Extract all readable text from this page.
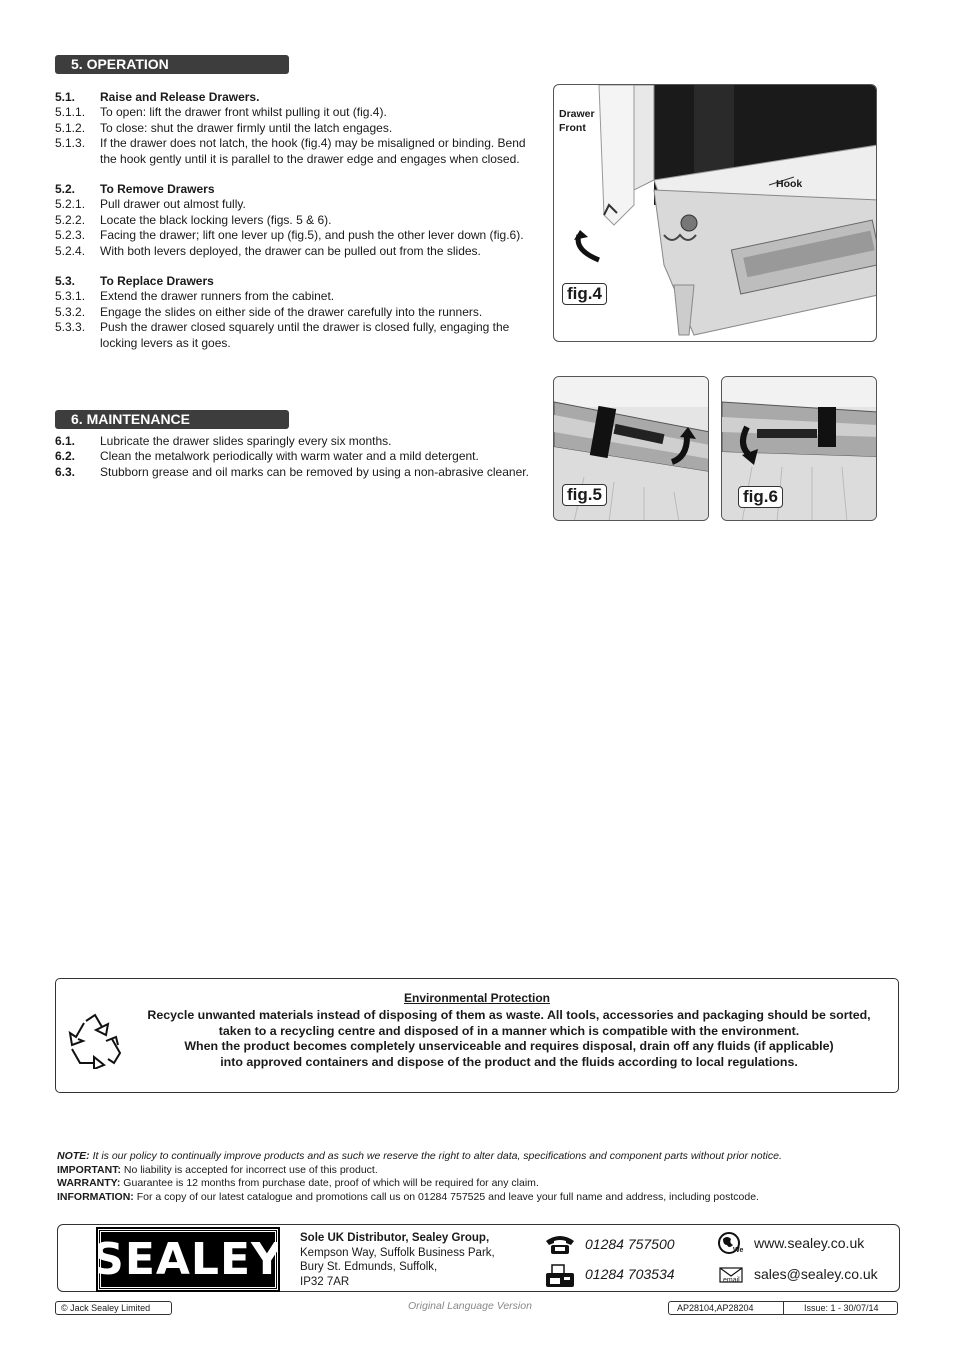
5. OPERATION
5.1.	Raise and Release Drawers.
5.1.1.	To open: lift the drawer front whilst pulling it out (fig.4).
5.1.2.	To close: shut the drawer firmly until the latch engages.
5.1.3.	If the drawer does not latch, the hook (fig.4) may be misaligned or binding. Bend the hook gently until it is parallel to the drawer edge and engages when closed.
5.2.	To Remove Drawers
5.2.1.	Pull drawer out almost fully.
5.2.2.	Locate the black locking levers (figs. 5 & 6).
5.2.3.	Facing the drawer; lift one lever up (fig.5), and push the other lever down (fig.6).
5.2.4.	With both levers deployed, the drawer can be pulled out from the slides.
5.3.	To Replace Drawers
5.3.1.	Extend the drawer runners from the cabinet.
5.3.2.	Engage the slides on either side of the drawer carefully into the runners.
5.3.3.	Push the drawer closed squarely until the drawer is closed fully, engaging the locking levers as it goes.
6. MAINTENANCE
6.1.	Lubricate the drawer slides sparingly every six months.
6.2.	Clean the metalwork periodically with warm water and a mild detergent.
6.3.	Stubborn grease and oil marks can be removed by using a non-abrasive cleaner.
Drawer
Front
Hook
fig.4
fig.5	fig.6
Environmental Protection
Recycle unwanted materials instead of disposing of them as waste. All tools, accessories and packaging should be sorted,
taken to a recycling centre and disposed of in a manner which is compatible with the environment.
When the product becomes completely unserviceable and requires disposal, drain off any fluids (if applicable)
into approved containers and dispose of the product and the fluids according to local regulations.
NOTE: It is our policy to continually improve products and as such we reserve the right to alter data, specifications and component parts without prior notice.
IMPORTANT: No liability is accepted for incorrect use of this product.
WARRANTY: Guarantee is 12 months from purchase date, proof of which will be required for any claim.
INFORMATION: For a copy of our latest catalogue and promotions call us on 01284 757525 and leave your full name and address, including postcode.
SEALEY Sole UK Distributor, Sealey Group,
Kempson Way, Suffolk Business Park,
Bury St. Edmunds, Suffolk,
IP32 7AR
01284 757500
01284 703534
We www.sealey.co.uk
email sales@sealey.co.uk
© Jack Sealey Limited	Original Language Version	AP28104,AP28204	Issue: 1 - 30/07/14
